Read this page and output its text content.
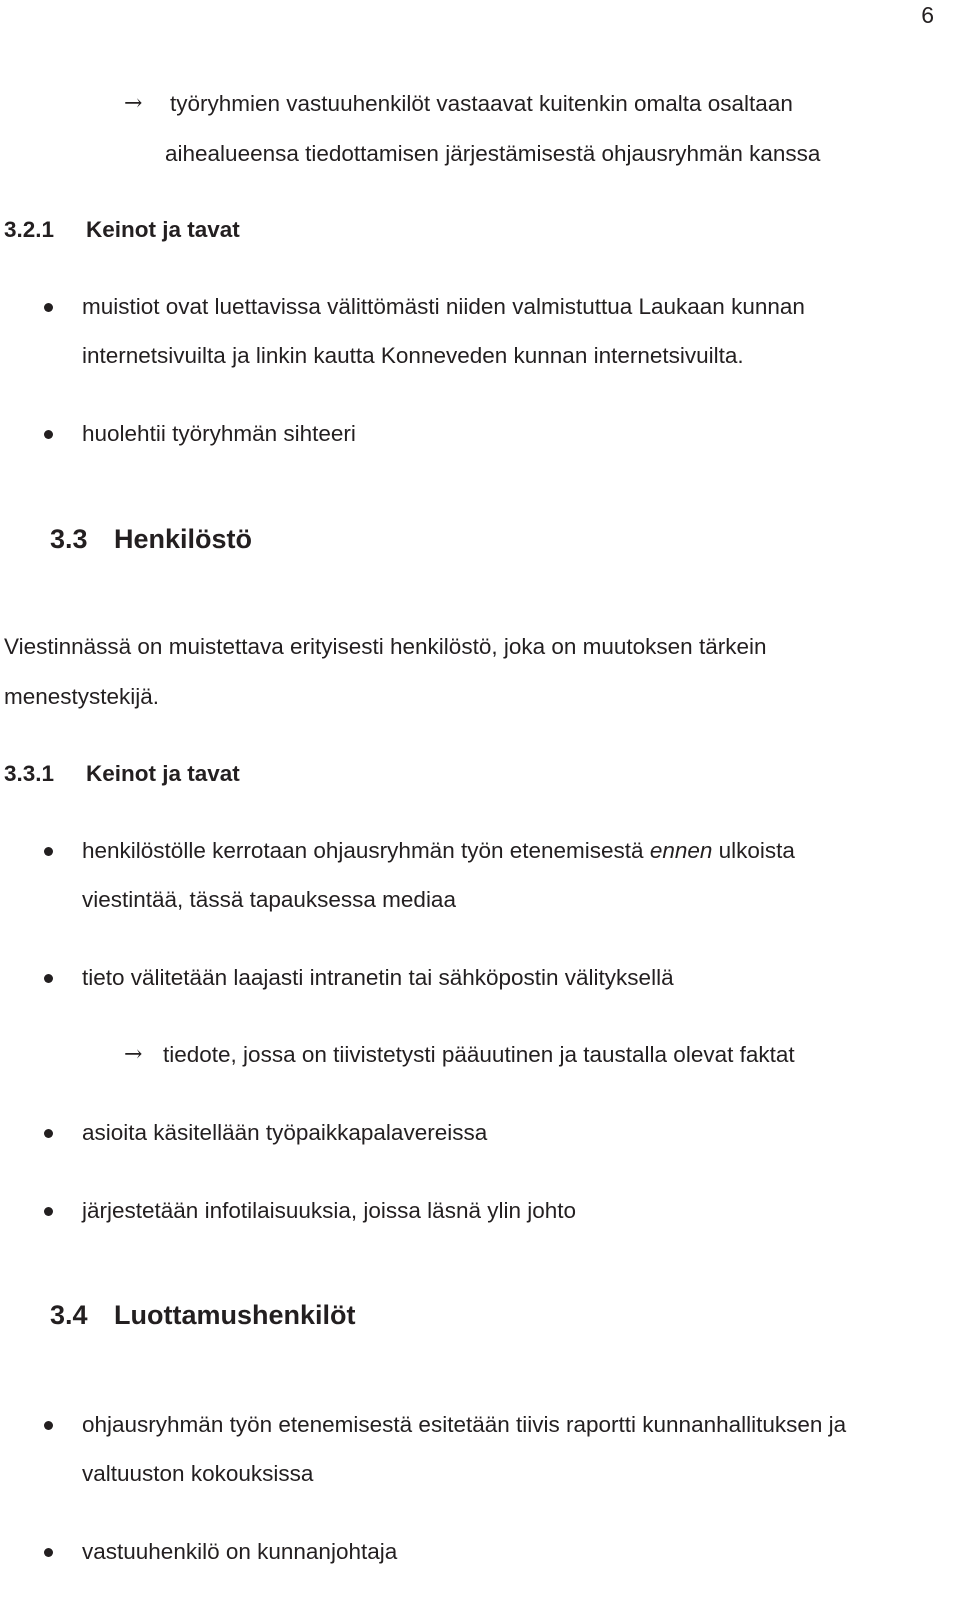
6
→ työryhmien vastuuhenkilöt vastaavat kuitenkin omalta osaltaan
aihealueensa tiedottamisen järjestämisestä ohjausryhmän kanssa
3.2.1 Keinot ja tavat
muistiot ovat luettavissa välittömästi niiden valmistuttua Laukaan kunnan
internetsivuilta ja linkin kautta Konneveden kunnan internetsivuilta.
huolehtii työryhmän sihteeri
3.3 Henkilöstö
Viestinnässä on muistettava erityisesti henkilöstö, joka on muutoksen tärkein
menestystekijä.
3.3.1 Keinot ja tavat
henkilöstölle kerrotaan ohjausryhmän työn etenemisestä ennen ulkoista
viestintää, tässä tapauksessa mediaa
tieto välitetään laajasti intranetin tai sähköpostin välityksellä
→ tiedote, jossa on tiivistetysti pääuutinen ja taustalla olevat faktat
asioita käsitellään työpaikkapalavereissa
järjestetään infotilaisuuksia, joissa läsnä ylin johto
3.4 Luottamushenkilöt
ohjausryhmän työn etenemisestä esitetään tiivis raportti kunnanhallituksen ja
valtuuston kokouksissa
vastuuhenkilö on kunnanjohtaja
